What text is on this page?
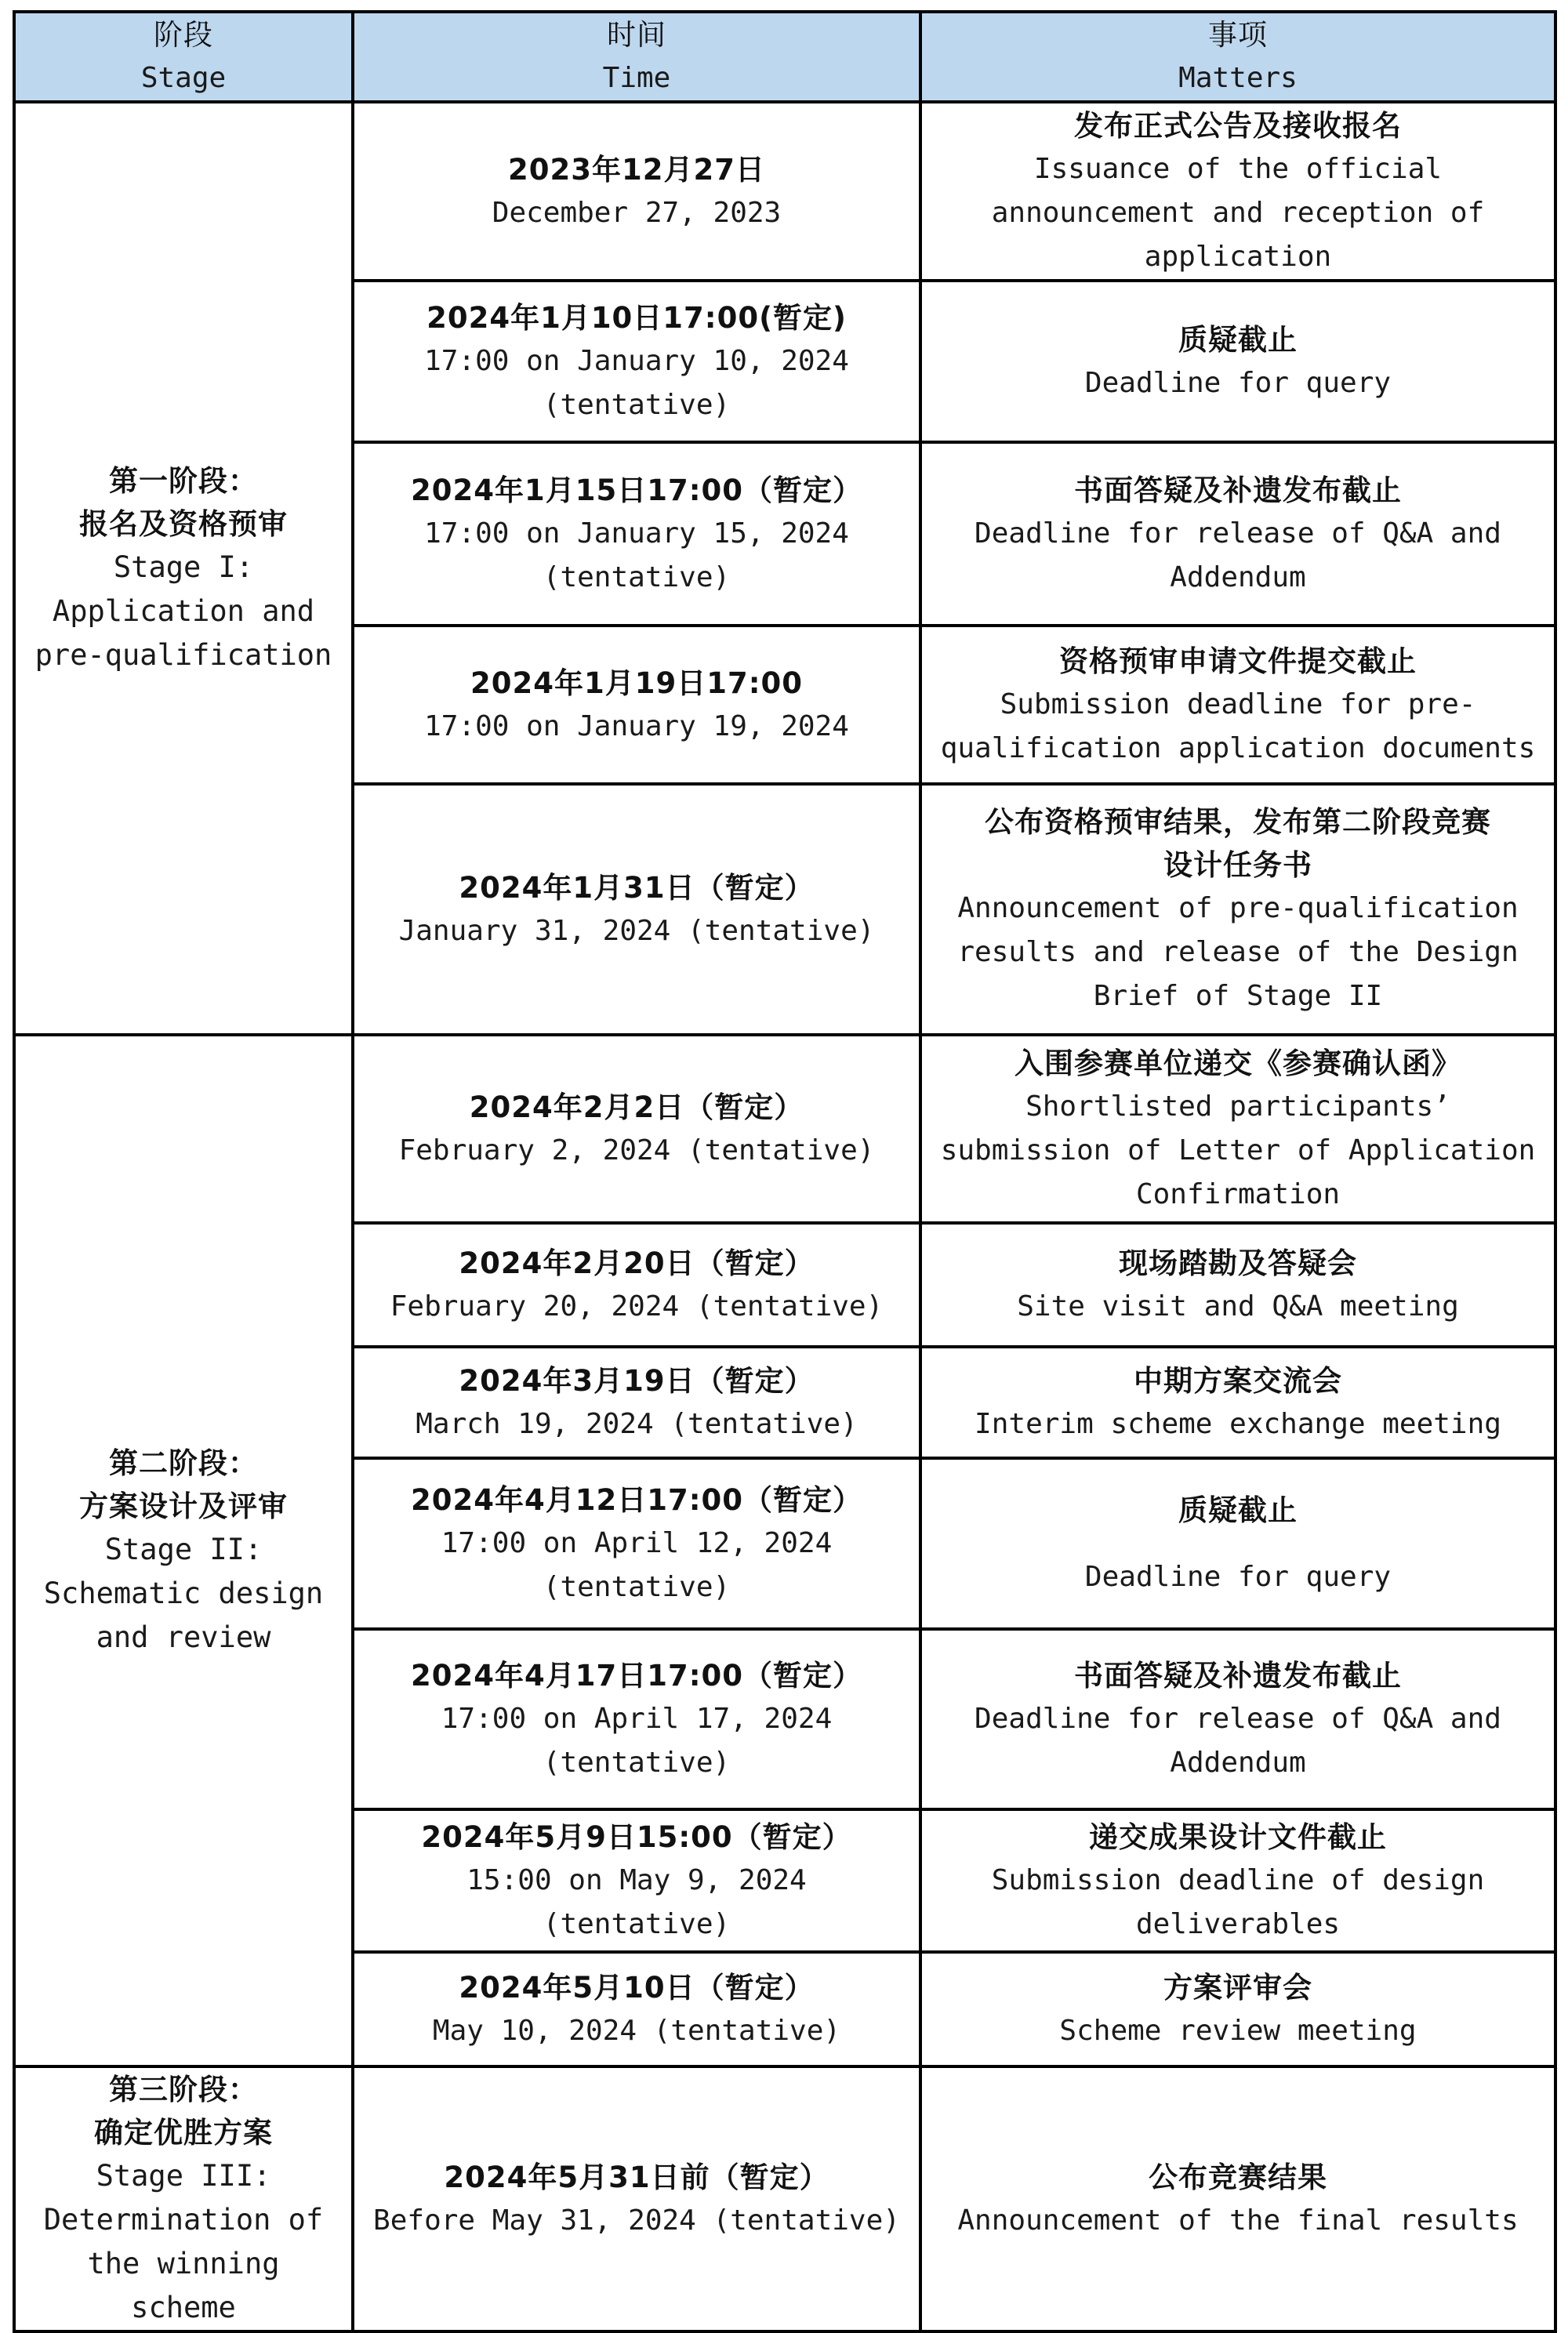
阶段
Stage	时间
Time	事项
Matters

第一阶段：
报名及资格预审
Stage I:
Application and
pre-qualification	2023年12月27日
December 27, 2023	发布正式公告及接收报名
Issuance of the official
announcement and reception of
application

	2024年1月10日17:00(暂定)
17:00 on January 10, 2024
(tentative)	质疑截止
Deadline for query

	2024年1月15日17:00（暂定）
17:00 on January 15, 2024
(tentative)	书面答疑及补遗发布截止
Deadline for release of Q&A and
Addendum

	2024年1月19日17:00
17:00 on January 19, 2024	资格预审申请文件提交截止
Submission deadline for pre-
qualification application documents

	2024年1月31日（暂定）
January 31, 2024 (tentative)	公布资格预审结果，发布第二阶段竞赛
设计任务书
Announcement of pre-qualification
results and release of the Design
Brief of Stage II

第二阶段：
方案设计及评审
Stage II:
Schematic design
and review	2024年2月2日（暂定）
February 2, 2024 (tentative)	入围参赛单位递交《参赛确认函》
Shortlisted participants’
submission of Letter of Application
Confirmation

	2024年2月20日（暂定）
February 20, 2024 (tentative)	现场踏勘及答疑会
Site visit and Q&A meeting

	2024年3月19日（暂定）
March 19, 2024 (tentative)	中期方案交流会
Interim scheme exchange meeting

	2024年4月12日17:00（暂定）
17:00 on April 12, 2024
(tentative)	质疑截止
Deadline for query

	2024年4月17日17:00（暂定）
17:00 on April 17, 2024
(tentative)	书面答疑及补遗发布截止
Deadline for release of Q&A and
Addendum

	2024年5月9日15:00（暂定）
15:00 on May 9, 2024
(tentative)	递交成果设计文件截止
Submission deadline of design
deliverables

	2024年5月10日（暂定）
May 10, 2024 (tentative)	方案评审会
Scheme review meeting

第三阶段：
确定优胜方案
Stage III:
Determination of
the winning scheme	2024年5月31日前（暂定）
Before May 31, 2024 (tentative)	公布竞赛结果
Announcement of the final results
